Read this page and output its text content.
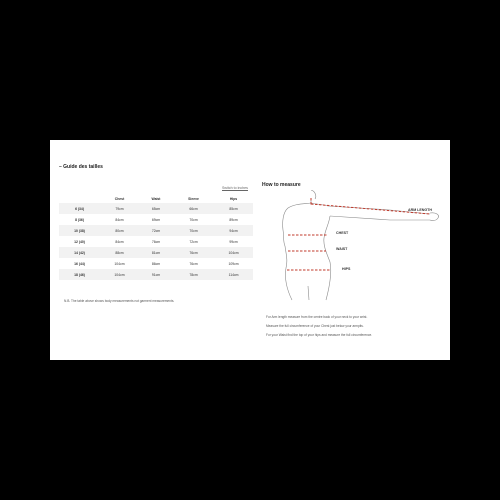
– Guide des tailles
Switch to inches
	Chest	Waist	Sleeve	Hips
6 (34)	79cm	65cm	66cm	85cm
8 (36)	84cm	69cm	70cm	89cm
10 (38)	80cm	72cm	70cm	94cm
12 (40)	84cm	76cm	72cm	99cm
14 (42)	88cm	81cm	76cm	104cm
16 (44)	104cm	86cm	76cm	109cm
18 (46)	104cm	91cm	78cm	114cm
N.B. The table above shows body measurements not garment measurements.
How to measure
ARM LENGTH
CHEST
WAIST
HIPS
For Arm length measure from the centre back of your neck to your wrist.
Measure the full circumference of your Chest just below your armpits.
For your Waist find the top of your hips and measure the full circumference.
